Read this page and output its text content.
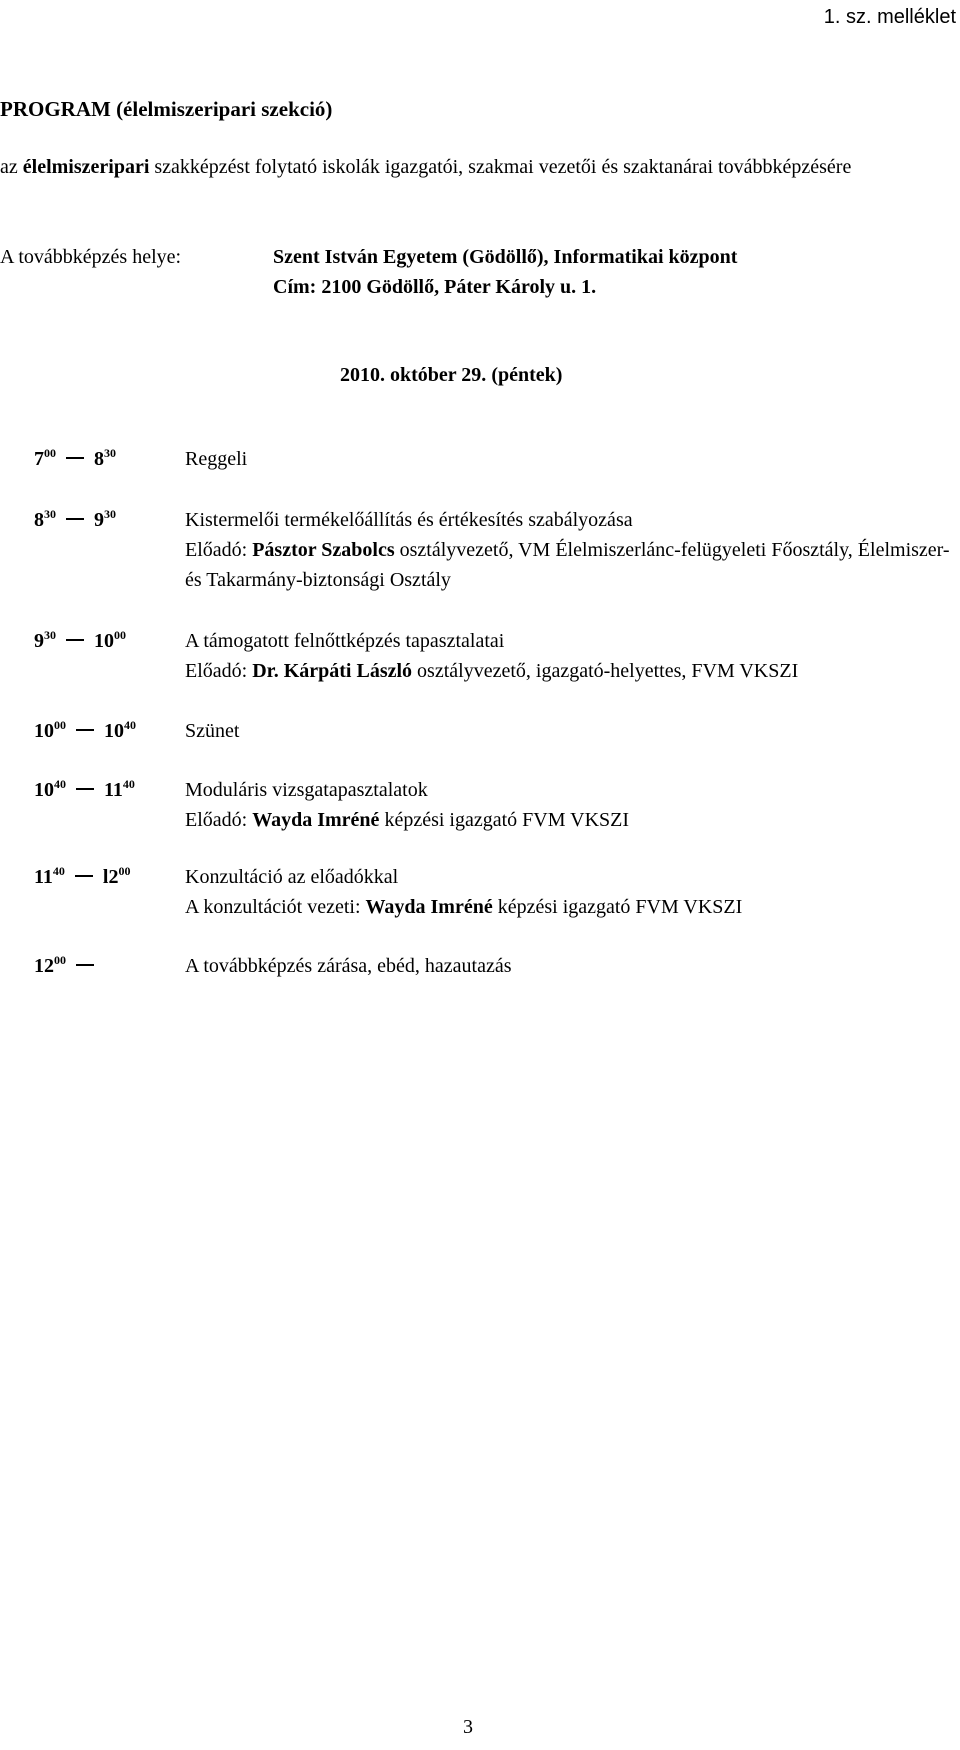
1. sz. melléklet
PROGRAM (élelmiszeripari szekció)
az élelmiszeripari szakképzést folytató iskolák igazgatói, szakmai vezetői és szaktanárai továbbképzésére
A továbbképzés helye:	Szent István Egyetem (Gödöllő), Informatikai központ
Cím: 2100 Gödöllő, Páter Károly u. 1.
2010. október 29. (péntek)
$7^{00}$ $8^{30}$	Reggeli
$8^{30}$ $9^{30}$	Kistermelői termékelőállítás és értékesítés szabályozása
Előadó: Pásztor Szabolcs osztályvezető, VM Élelmiszerlánc-felügyeleti Főosztály, Élelmiszer- és Takarmány-biztonsági Osztály
$9^{30}$ $10^{00}$	A támogatott felnőttképzés tapasztalatai
Előadó: Dr. Kárpáti László osztályvezető, igazgató-helyettes, FVM VKSZI
$10^{00}$ $10^{40}$ Szünet
$10^{40}$ $11^{40}$	Moduláris vizsgatapasztalatok
Előadó: Wayda Imréné képzési igazgató FVM VKSZI
$11^{40}$ $l2^{00}$	Konzultáció az előadókkal
A konzultációt vezeti: Wayda Imréné képzési igazgató FVM VKSZI
$12^{00}$	A továbbképzés zárása, ebéd, hazautazás
3
